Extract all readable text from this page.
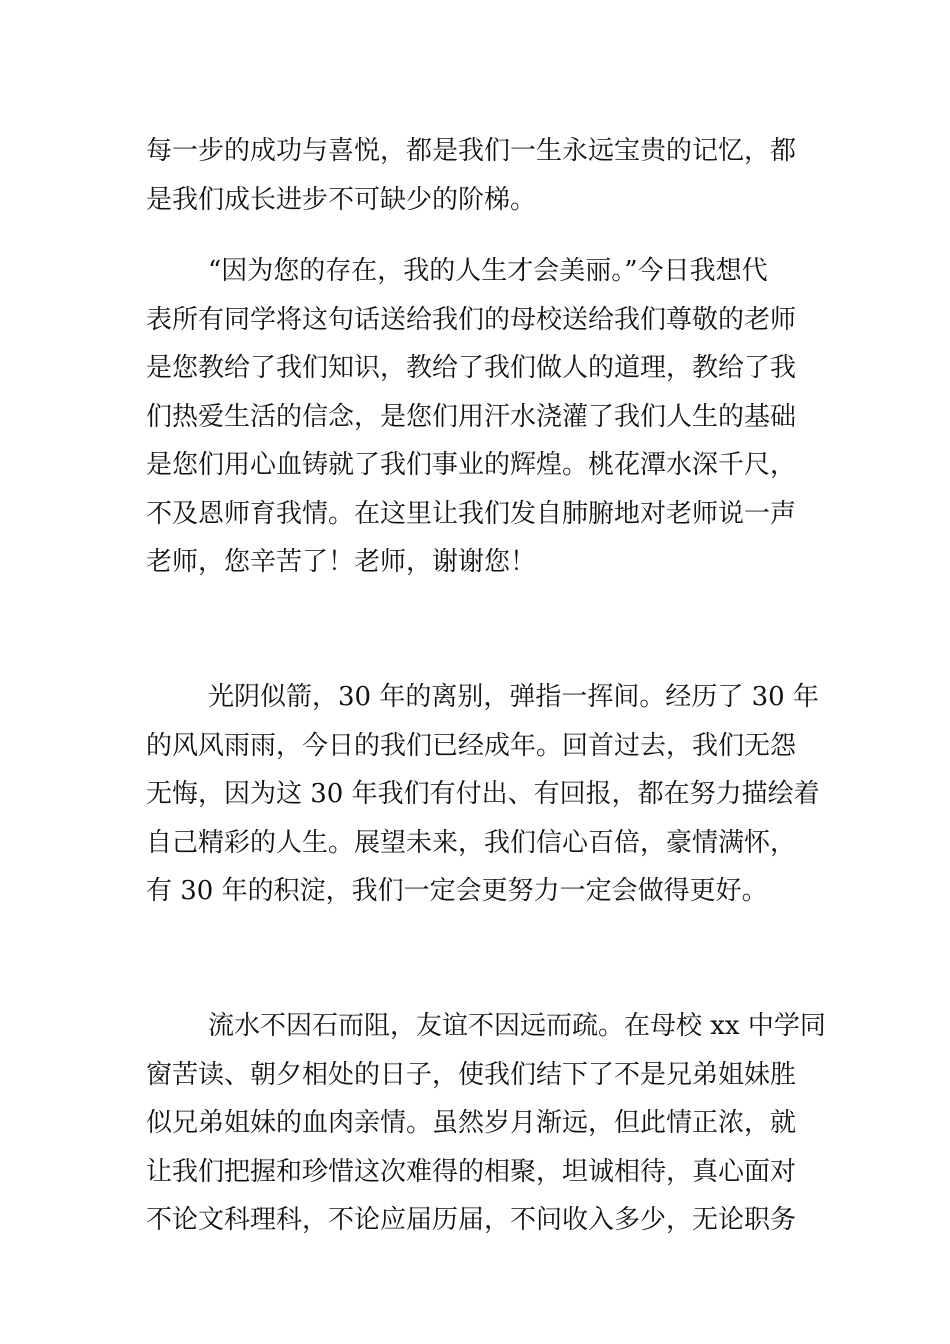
每一步的成功与喜悦，都是我们一生永远宝贵的记忆，都
是我们成长进步不可缺少的阶梯。
“因为您的存在，我的人生才会美丽。”今日我想代
表所有同学将这句话送给我们的母校送给我们尊敬的老师
是您教给了我们知识，教给了我们做人的道理，教给了我
们热爱生活的信念，是您们用汗水浇灌了我们人生的基础
是您们用心血铸就了我们事业的辉煌。桃花潭水深千尺，
不及恩师育我情。在这里让我们发自肺腑地对老师说一声
老师，您辛苦了！老师，谢谢您！
光阴似箭，30 年的离别，弹指一挥间。经历了 30 年
的风风雨雨，今日的我们已经成年。回首过去，我们无怨
无悔，因为这 30 年我们有付出、有回报，都在努力描绘着
自己精彩的人生。展望未来，我们信心百倍，豪情满怀，
有 30 年的积淀，我们一定会更努力一定会做得更好。
流水不因石而阻，友谊不因远而疏。在母校 xx 中学同
窗苦读、朝夕相处的日子，使我们结下了不是兄弟姐妹胜
似兄弟姐妹的血肉亲情。虽然岁月渐远，但此情正浓，就
让我们把握和珍惜这次难得的相聚，坦诚相待，真心面对
不论文科理科，不论应届历届，不问收入多少，无论职务
